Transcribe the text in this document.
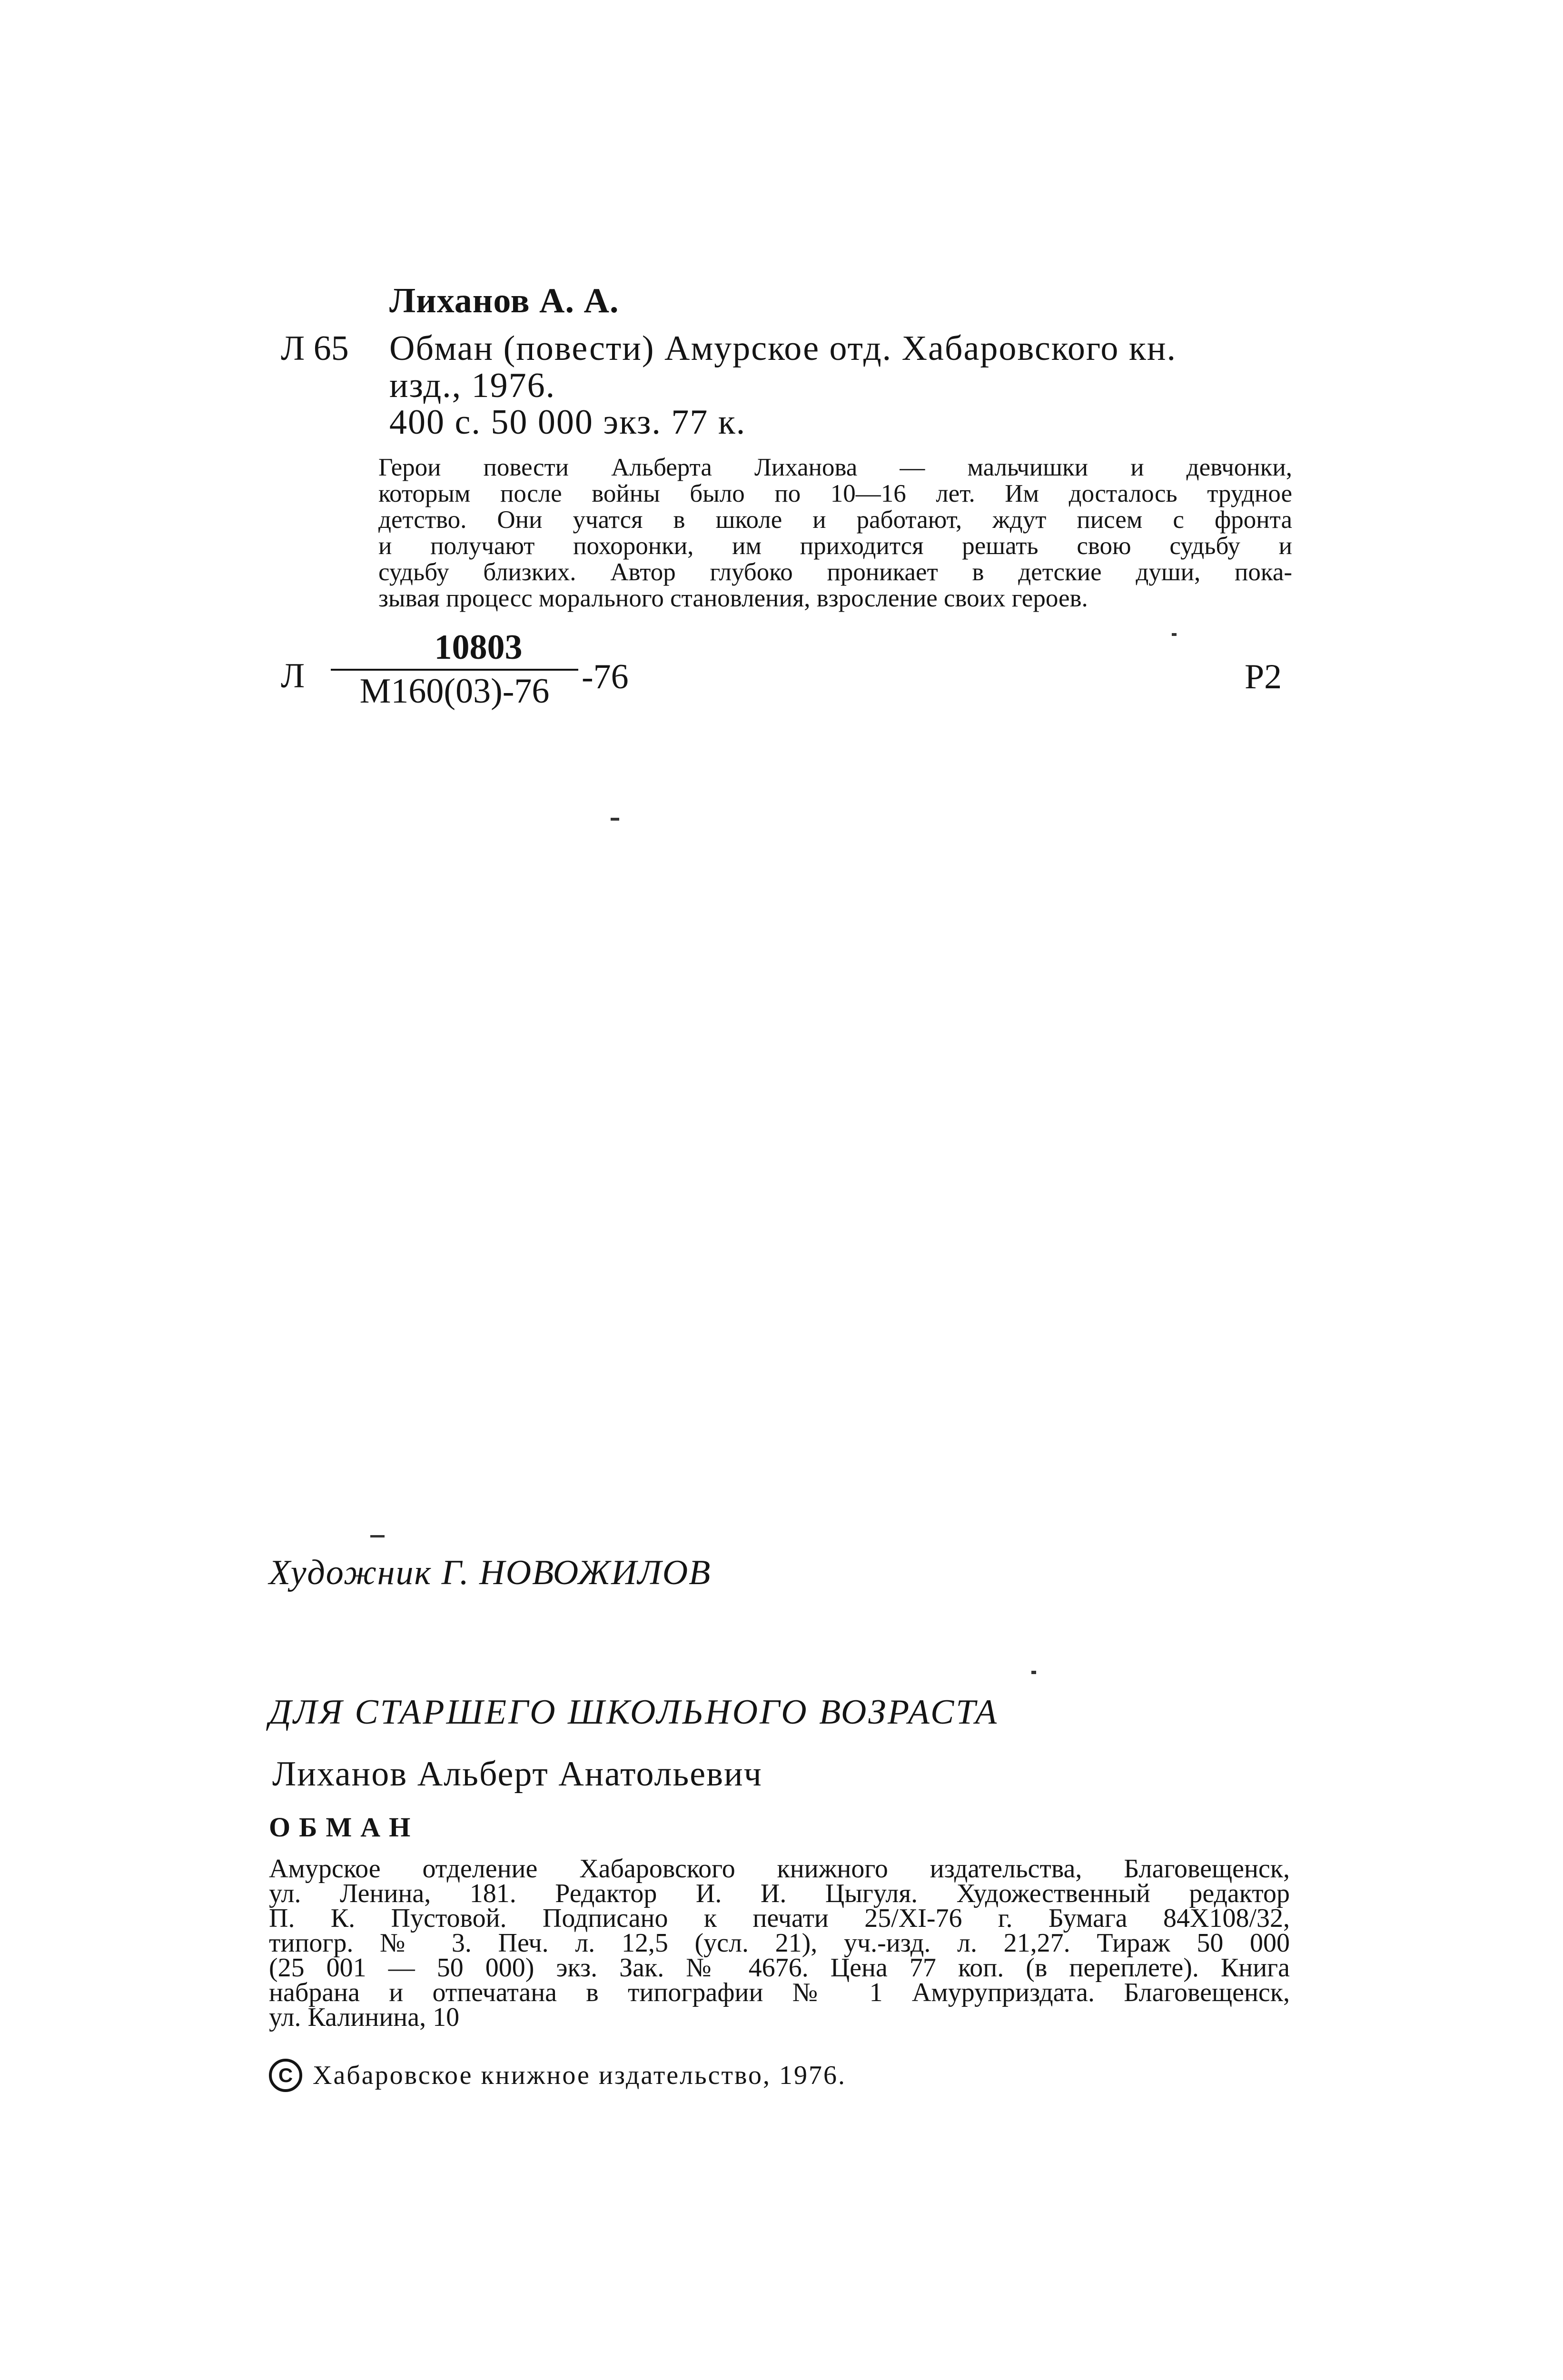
Лиханов А. А.
Л 65 Обман (повести) Амурское отд. Хабаровского кн.
изд., 1976.
400 с. 50 000 экз. 77 к.
Герои повести Альберта Лиханова — мальчишки и девчонки,
которым после войны было по 10—16 лет. Им досталось трудное
детство. Они учатся в школе и работают, ждут писем с фронта
и получают похоронки, им приходится решать свою судьбу и
судьбу близких. Автор глубоко проникает в детские души, пока-
зывая процесс морального становления, взросление своих героев.
Л
10803
М160(03)-76 -76	Р2
Художник Г. НОВОЖИЛОВ
ДЛЯ СТАРШЕГО ШКОЛЬНОГО ВОЗРАСТА
Лиханов Альберт Анатольевич
ОБМАН
Амурское отделение Хабаровского книжного издательства, Благовещенск,
ул. Ленина, 181. Редактор И. И. Цыгуля. Художественный редактор
П. К. Пустовой. Подписано к печати 25/XI-76 г. Бумага 84Х108/32,
типогр. № 3. Печ. л. 12,5 (усл. 21), уч.-изд. л. 21,27. Тираж 50 000
(25 001 — 50 000) экз. Зак. № 4676. Цена 77 коп. (в переплете). Книга
набрана и отпечатана в типографии № 1 Амуруприздата. Благовещенск,
ул. Калинина, 10
C Хабаровское книжное издательство, 1976.
